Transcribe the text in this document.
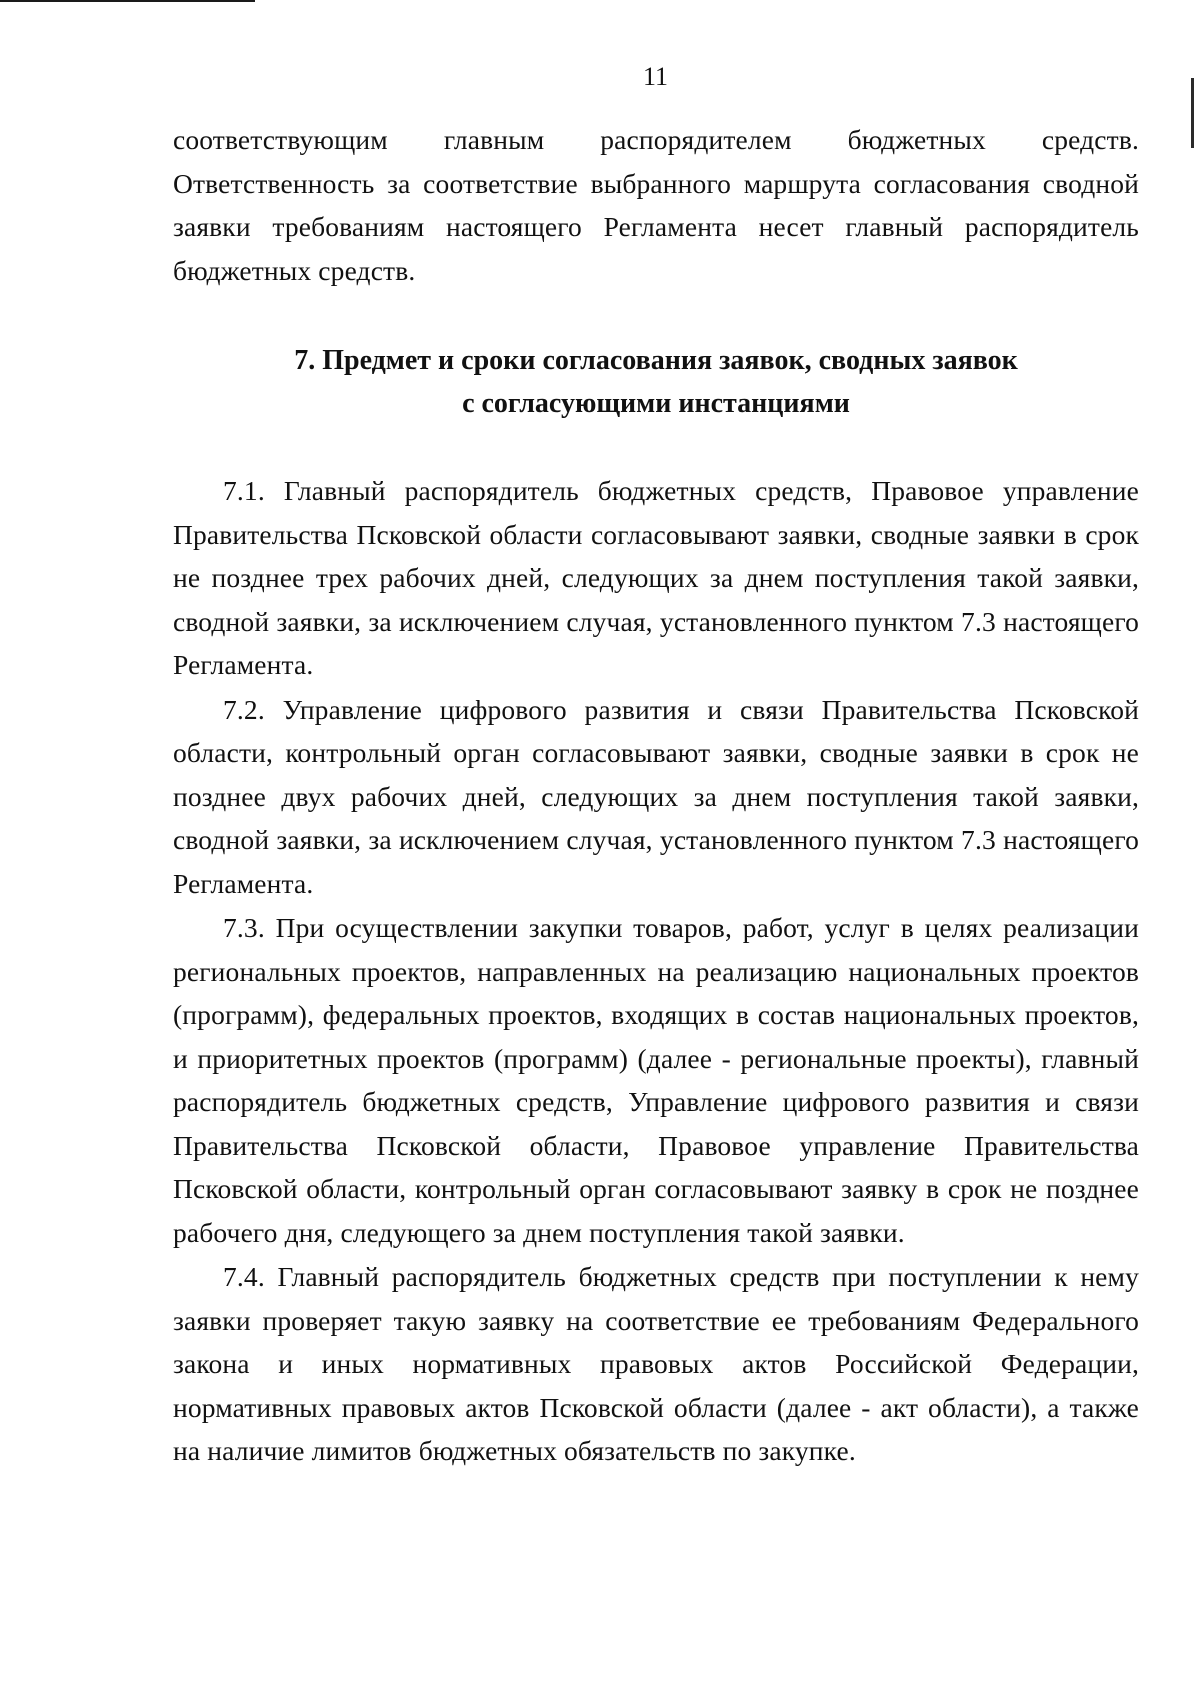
11

соответствующим главным распорядителем бюджетных средств. Ответственность за соответствие выбранного маршрута согласования сводной заявки требованиям настоящего Регламента несет главный распорядитель бюджетных средств.

7. Предмет и сроки согласования заявок, сводных заявок
с согласующими инстанциями

7.1. Главный распорядитель бюджетных средств, Правовое управление Правительства Псковской области согласовывают заявки, сводные заявки в срок не позднее трех рабочих дней, следующих за днем поступления такой заявки, сводной заявки, за исключением случая, установленного пунктом 7.3 настоящего Регламента.

7.2. Управление цифрового развития и связи Правительства Псковской области, контрольный орган согласовывают заявки, сводные заявки в срок не позднее двух рабочих дней, следующих за днем поступления такой заявки, сводной заявки, за исключением случая, установленного пунктом 7.3 настоящего Регламента.

7.3. При осуществлении закупки товаров, работ, услуг в целях реализации региональных проектов, направленных на реализацию национальных проектов (программ), федеральных проектов, входящих в состав национальных проектов, и приоритетных проектов (программ) (далее - региональные проекты), главный распорядитель бюджетных средств, Управление цифрового развития и связи Правительства Псковской области, Правовое управление Правительства Псковской области, контрольный орган согласовывают заявку в срок не позднее рабочего дня, следующего за днем поступления такой заявки.

7.4. Главный распорядитель бюджетных средств при поступлении к нему заявки проверяет такую заявку на соответствие ее требованиям Федерального закона и иных нормативных правовых актов Российской Федерации, нормативных правовых актов Псковской области (далее - акт области), а также на наличие лимитов бюджетных обязательств по закупке.
